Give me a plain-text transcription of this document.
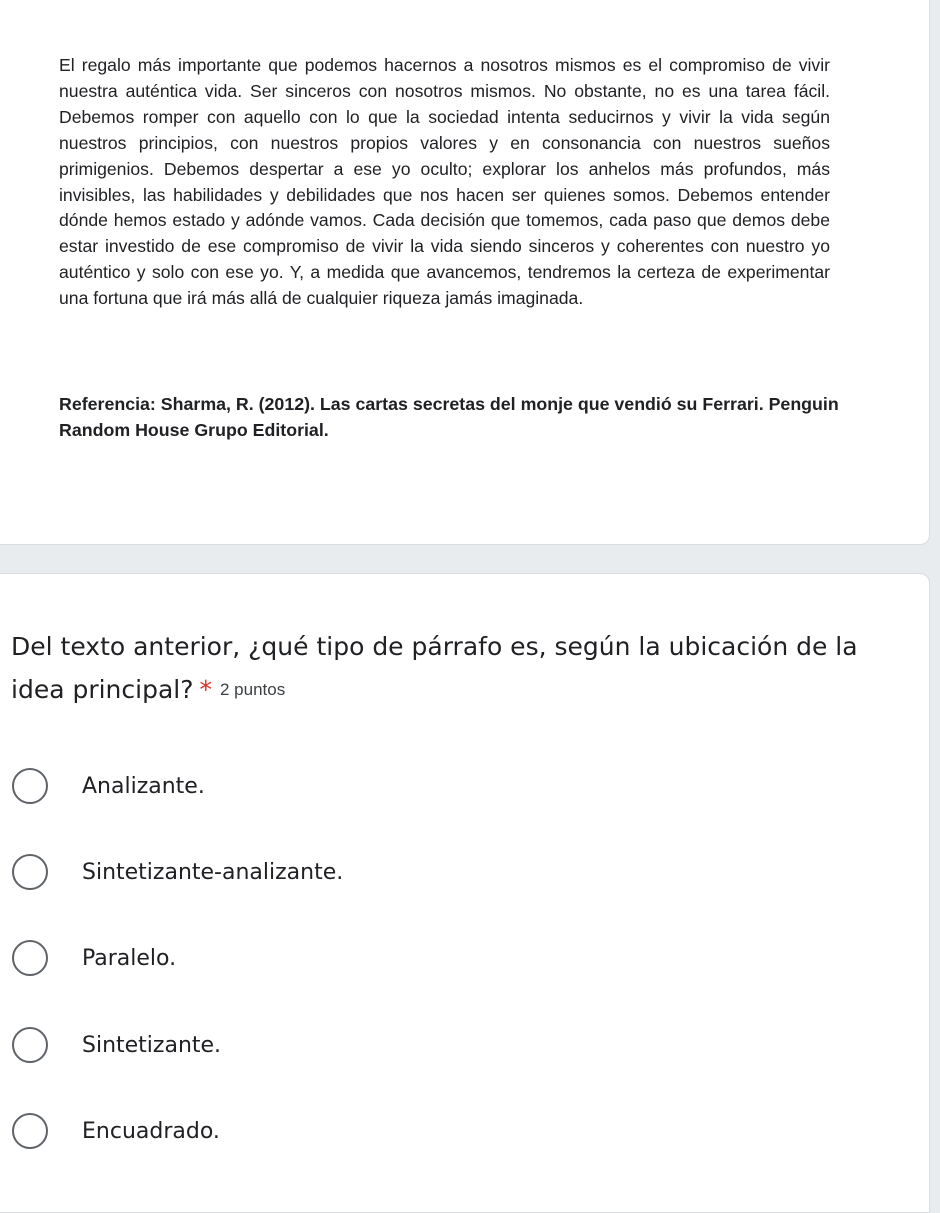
El regalo más importante que podemos hacernos a nosotros mismos es el compromiso de vivir nuestra auténtica vida. Ser sinceros con nosotros mismos. No obstante, no es una tarea fácil. Debemos romper con aquello con lo que la sociedad intenta seducirnos y vivir la vida según nuestros principios, con nuestros propios valores y en consonancia con nuestros sueños primigenios. Debemos despertar a ese yo oculto; explorar los anhelos más profundos, más invisibles, las habilidades y debilidades que nos hacen ser quienes somos. Debemos entender dónde hemos estado y adónde vamos. Cada decisión que tomemos, cada paso que demos debe estar investido de ese compromiso de vivir la vida siendo sinceros y coherentes con nuestro yo auténtico y solo con ese yo. Y, a medida que avancemos, tendremos la certeza de experimentar una fortuna que irá más allá de cualquier riqueza jamás imaginada.

Referencia: Sharma, R. (2012). Las cartas secretas del monje que vendió su Ferrari. Penguin Random House Grupo Editorial.

Del texto anterior, ¿qué tipo de párrafo es, según la ubicación de la idea principal? * 2 puntos

Analizante.
Sintetizante-analizante.
Paralelo.
Sintetizante.
Encuadrado.
